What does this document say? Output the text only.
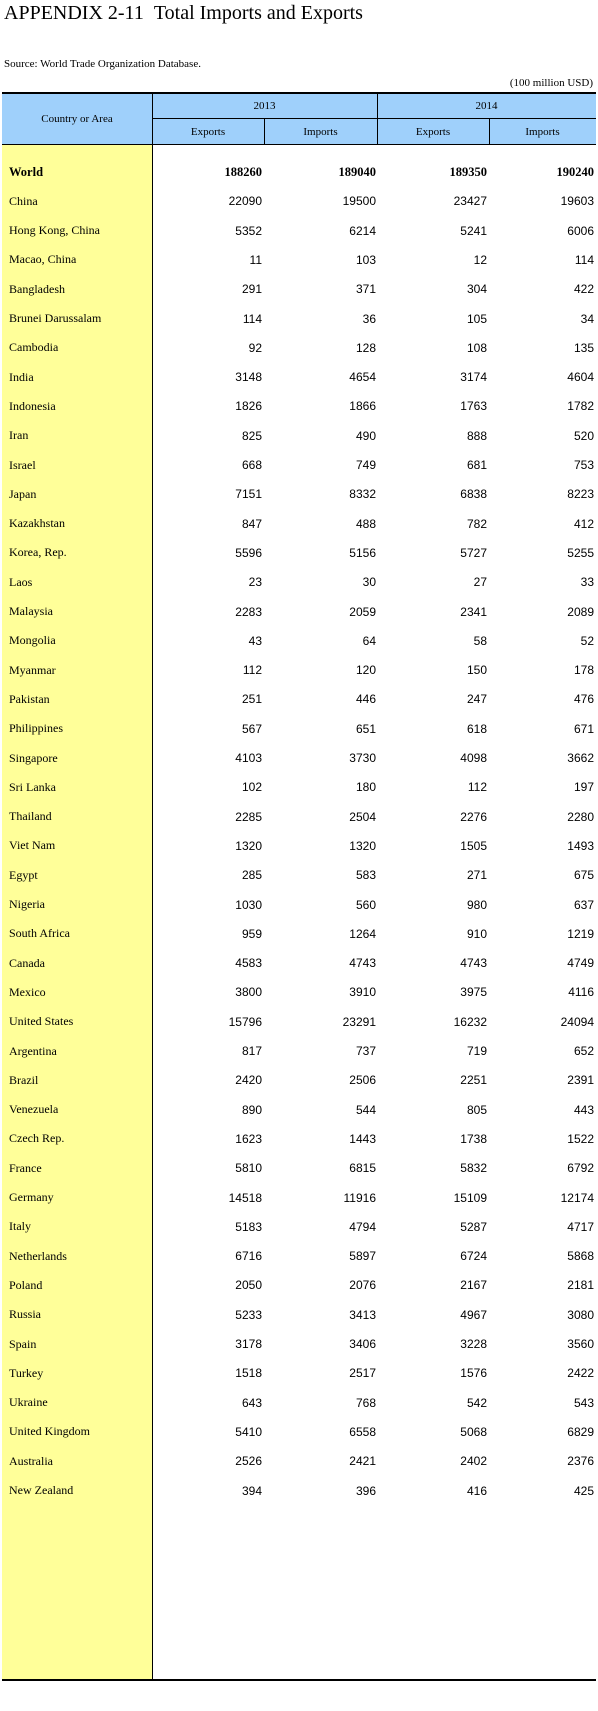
APPENDIX 2-11 Total Imports and Exports
Source: World Trade Organization Database.
(100 million USD)
Country or Area
2013	2014
Exports	Imports	Exports	Imports
World	188260	189040	189350	190240
China	22090	19500	23427	19603
Hong Kong, China	5352	6214	5241	6006
Macao, China	11	103	12	114
Bangladesh	291	371	304	422
Brunei Darussalam	114	36	105	34
Cambodia	92	128	108	135
India	3148	4654	3174	4604
Indonesia	1826	1866	1763	1782
Iran	825	490	888	520
Israel	668	749	681	753
Japan	7151	8332	6838	8223
Kazakhstan	847	488	782	412
Korea, Rep.	5596	5156	5727	5255
Laos	23	30	27	33
Malaysia	2283	2059	2341	2089
Mongolia	43	64	58	52
Myanmar	112	120	150	178
Pakistan	251	446	247	476
Philippines	567	651	618	671
Singapore	4103	3730	4098	3662
Sri Lanka	102	180	112	197
Thailand	2285	2504	2276	2280
Viet Nam	1320	1320	1505	1493
Egypt	285	583	271	675
Nigeria	1030	560	980	637
South Africa	959	1264	910	1219
Canada	4583	4743	4743	4749
Mexico	3800	3910	3975	4116
United States	15796	23291	16232	24094
Argentina	817	737	719	652
Brazil	2420	2506	2251	2391
Venezuela	890	544	805	443
Czech Rep.	1623	1443	1738	1522
France	5810	6815	5832	6792
Germany	14518	11916	15109	12174
Italy	5183	4794	5287	4717
Netherlands	6716	5897	6724	5868
Poland	2050	2076	2167	2181
Russia	5233	3413	4967	3080
Spain	3178	3406	3228	3560
Turkey	1518	2517	1576	2422
Ukraine	643	768	542	543
United Kingdom	5410	6558	5068	6829
Australia	2526	2421	2402	2376
New Zealand	394	396	416	425
